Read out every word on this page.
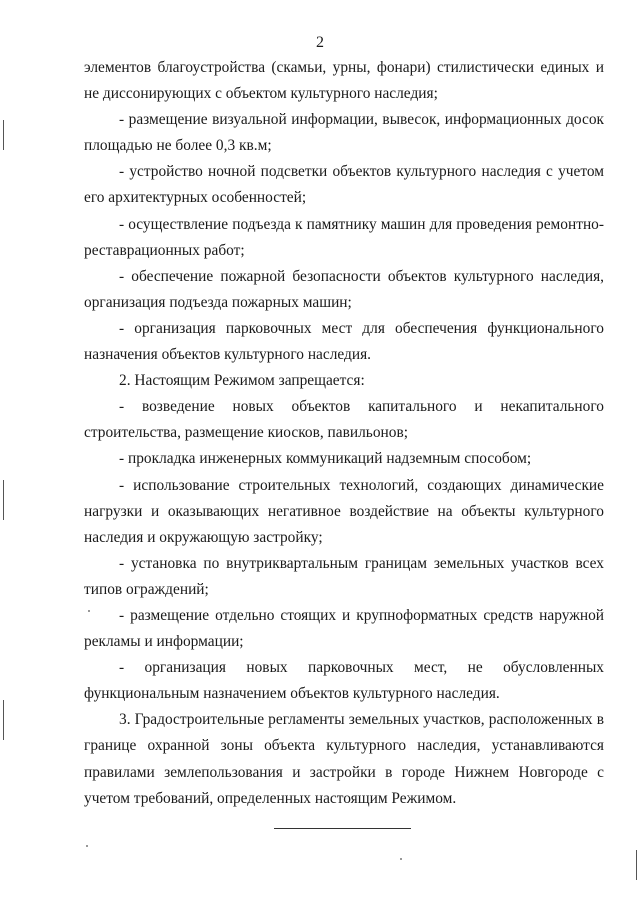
2

элементов благоустройства (скамьи, урны, фонари) стилистически единых и не диссонирующих с объектом культурного наследия;

- размещение визуальной информации, вывесок, информационных досок площадью не более 0,3 кв.м;

- устройство ночной подсветки объектов культурного наследия с учетом его архитектурных особенностей;

- осуществление подъезда к памятнику машин для проведения ремонтно-реставрационных работ;

- обеспечение пожарной безопасности объектов культурного наследия, организация подъезда пожарных машин;

- организация парковочных мест для обеспечения функционального назначения объектов культурного наследия.

2. Настоящим Режимом запрещается:

- возведение новых объектов капитального и некапитального строительства, размещение киосков, павильонов;

- прокладка инженерных коммуникаций надземным способом;

- использование строительных технологий, создающих динамические нагрузки и оказывающих негативное воздействие на объекты культурного наследия и окружающую застройку;

- установка по внутриквартальным границам земельных участков всех типов ограждений;

- размещение отдельно стоящих и крупноформатных средств наружной рекламы и информации;

- организация новых парковочных мест, не обусловленных функциональным назначением объектов культурного наследия.

3. Градостроительные регламенты земельных участков, расположенных в границе охранной зоны объекта культурного наследия, устанавливаются правилами землепользования и застройки в городе Нижнем Новгороде с учетом требований, определенных настоящим Режимом.
